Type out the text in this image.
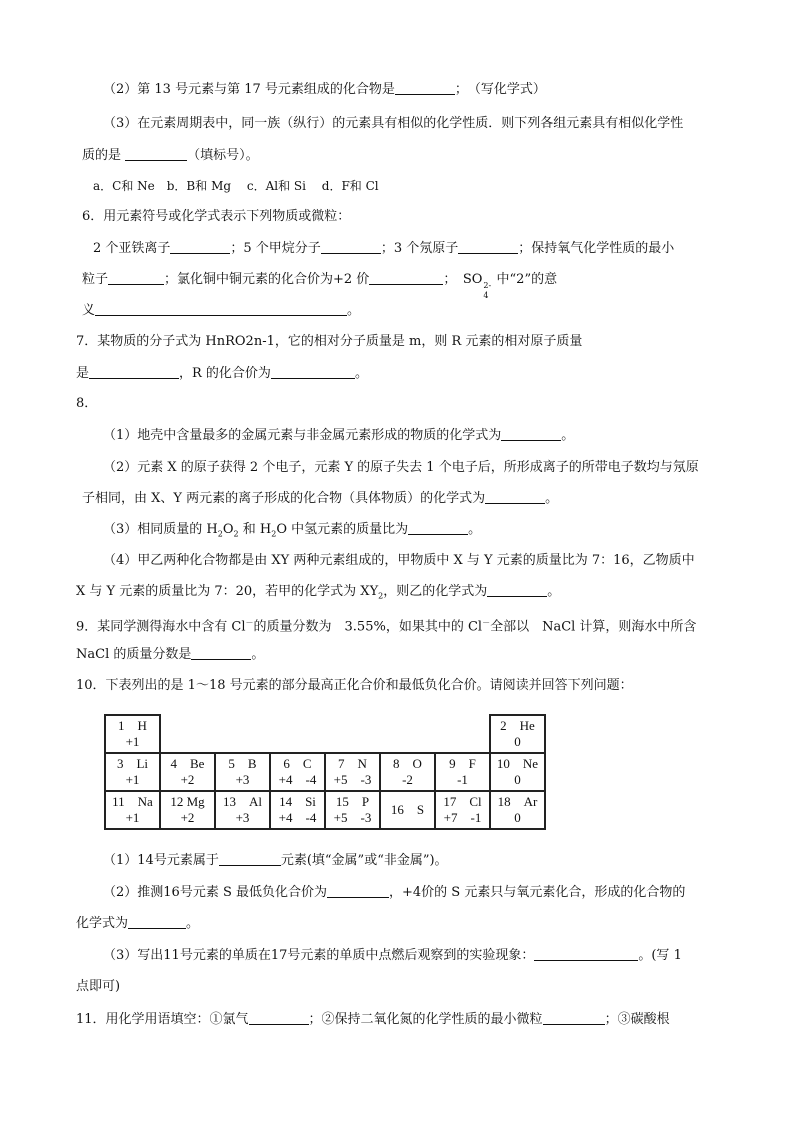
（2）第 13 号元素与第 17 号元素组成的化合物是	；　（写化学式）
（3）在元素周期表中，同一族（纵行）的元素具有相似的化学性质．则下列各组元素具有相似化学性
质的是	（填标号）。
a．C和 Ne　b．B和 Mg　 c．Al和 Si　 d．F和 Cl
6．用元素符号或化学式表示下列物质或微粒：
2 个亚铁离子	；5 个甲烷分子	；3 个氖原子	；保持氧气化学性质的最小
粒子	；氯化铜中铜元素的化合价为+2 价	；　SO 2-
4
中“2”的意
义	。
7．某物质的分子式为 HnRO2n-1，它的相对分子质量是 m，则 R 元素的相对原子质量
是	，R 的化合价为	。
8．
（1）地壳中含量最多的金属元素与非金属元素形成的物质的化学式为	。
（2）元素 X 的原子获得 2 个电子，元素 Y 的原子失去 1 个电子后，所形成离子的所带电子数均与氖原
子相同，由 X、Y 两元素的离子形成的化合物（具体物质）的化学式为	。
（3）相同质量的 $H_2O_2$ 和 $H_2O$ 中氢元素的质量比为	。
（4）甲乙两种化合物都是由 XY 两种元素组成的，甲物质中 X 与 Y 元素的质量比为 7：16，乙物质中
X 与 Y 元素的质量比为 7：20，若甲的化学式为 $XY_2$，则乙的化学式为	。
9．某同学测得海水中含有 Cl－的质量分数为　3.55%，如果其中的 Cl－全部以　NaCl 计算，则海水中所含
NaCl 的质量分数是	。
10．下表列出的是 1～18 号元素的部分最高正化合价和最低负化合价。请阅读并回答下列问题：
1　H
+1							2　He
0

3　Li
+1	4　Be
+2	5　B
+3	6　C
+4　-4	7　N
+5　-3	8　O
-2	9　F
-1	10　Ne
0

11　Na
+1	12 Mg
+2	13　Al
+3	14　Si
+4　-4	15　P
+5　-3	16　S	17　Cl
+7　-1	18　Ar
0
（1）14号元素属于	元素(填“金属”或“非金属”)。
（2）推测16号元素 S 最低负化合价为	，+4价的 S 元素只与氧元素化合，形成的化合物的
化学式为	。
（3）写出11号元素的单质在17号元素的单质中点燃后观察到的实验现象：	。(写 1
点即可)
11．用化学用语填空：①氯气	；②保持二氧化氮的化学性质的最小微粒	；③碳酸根
